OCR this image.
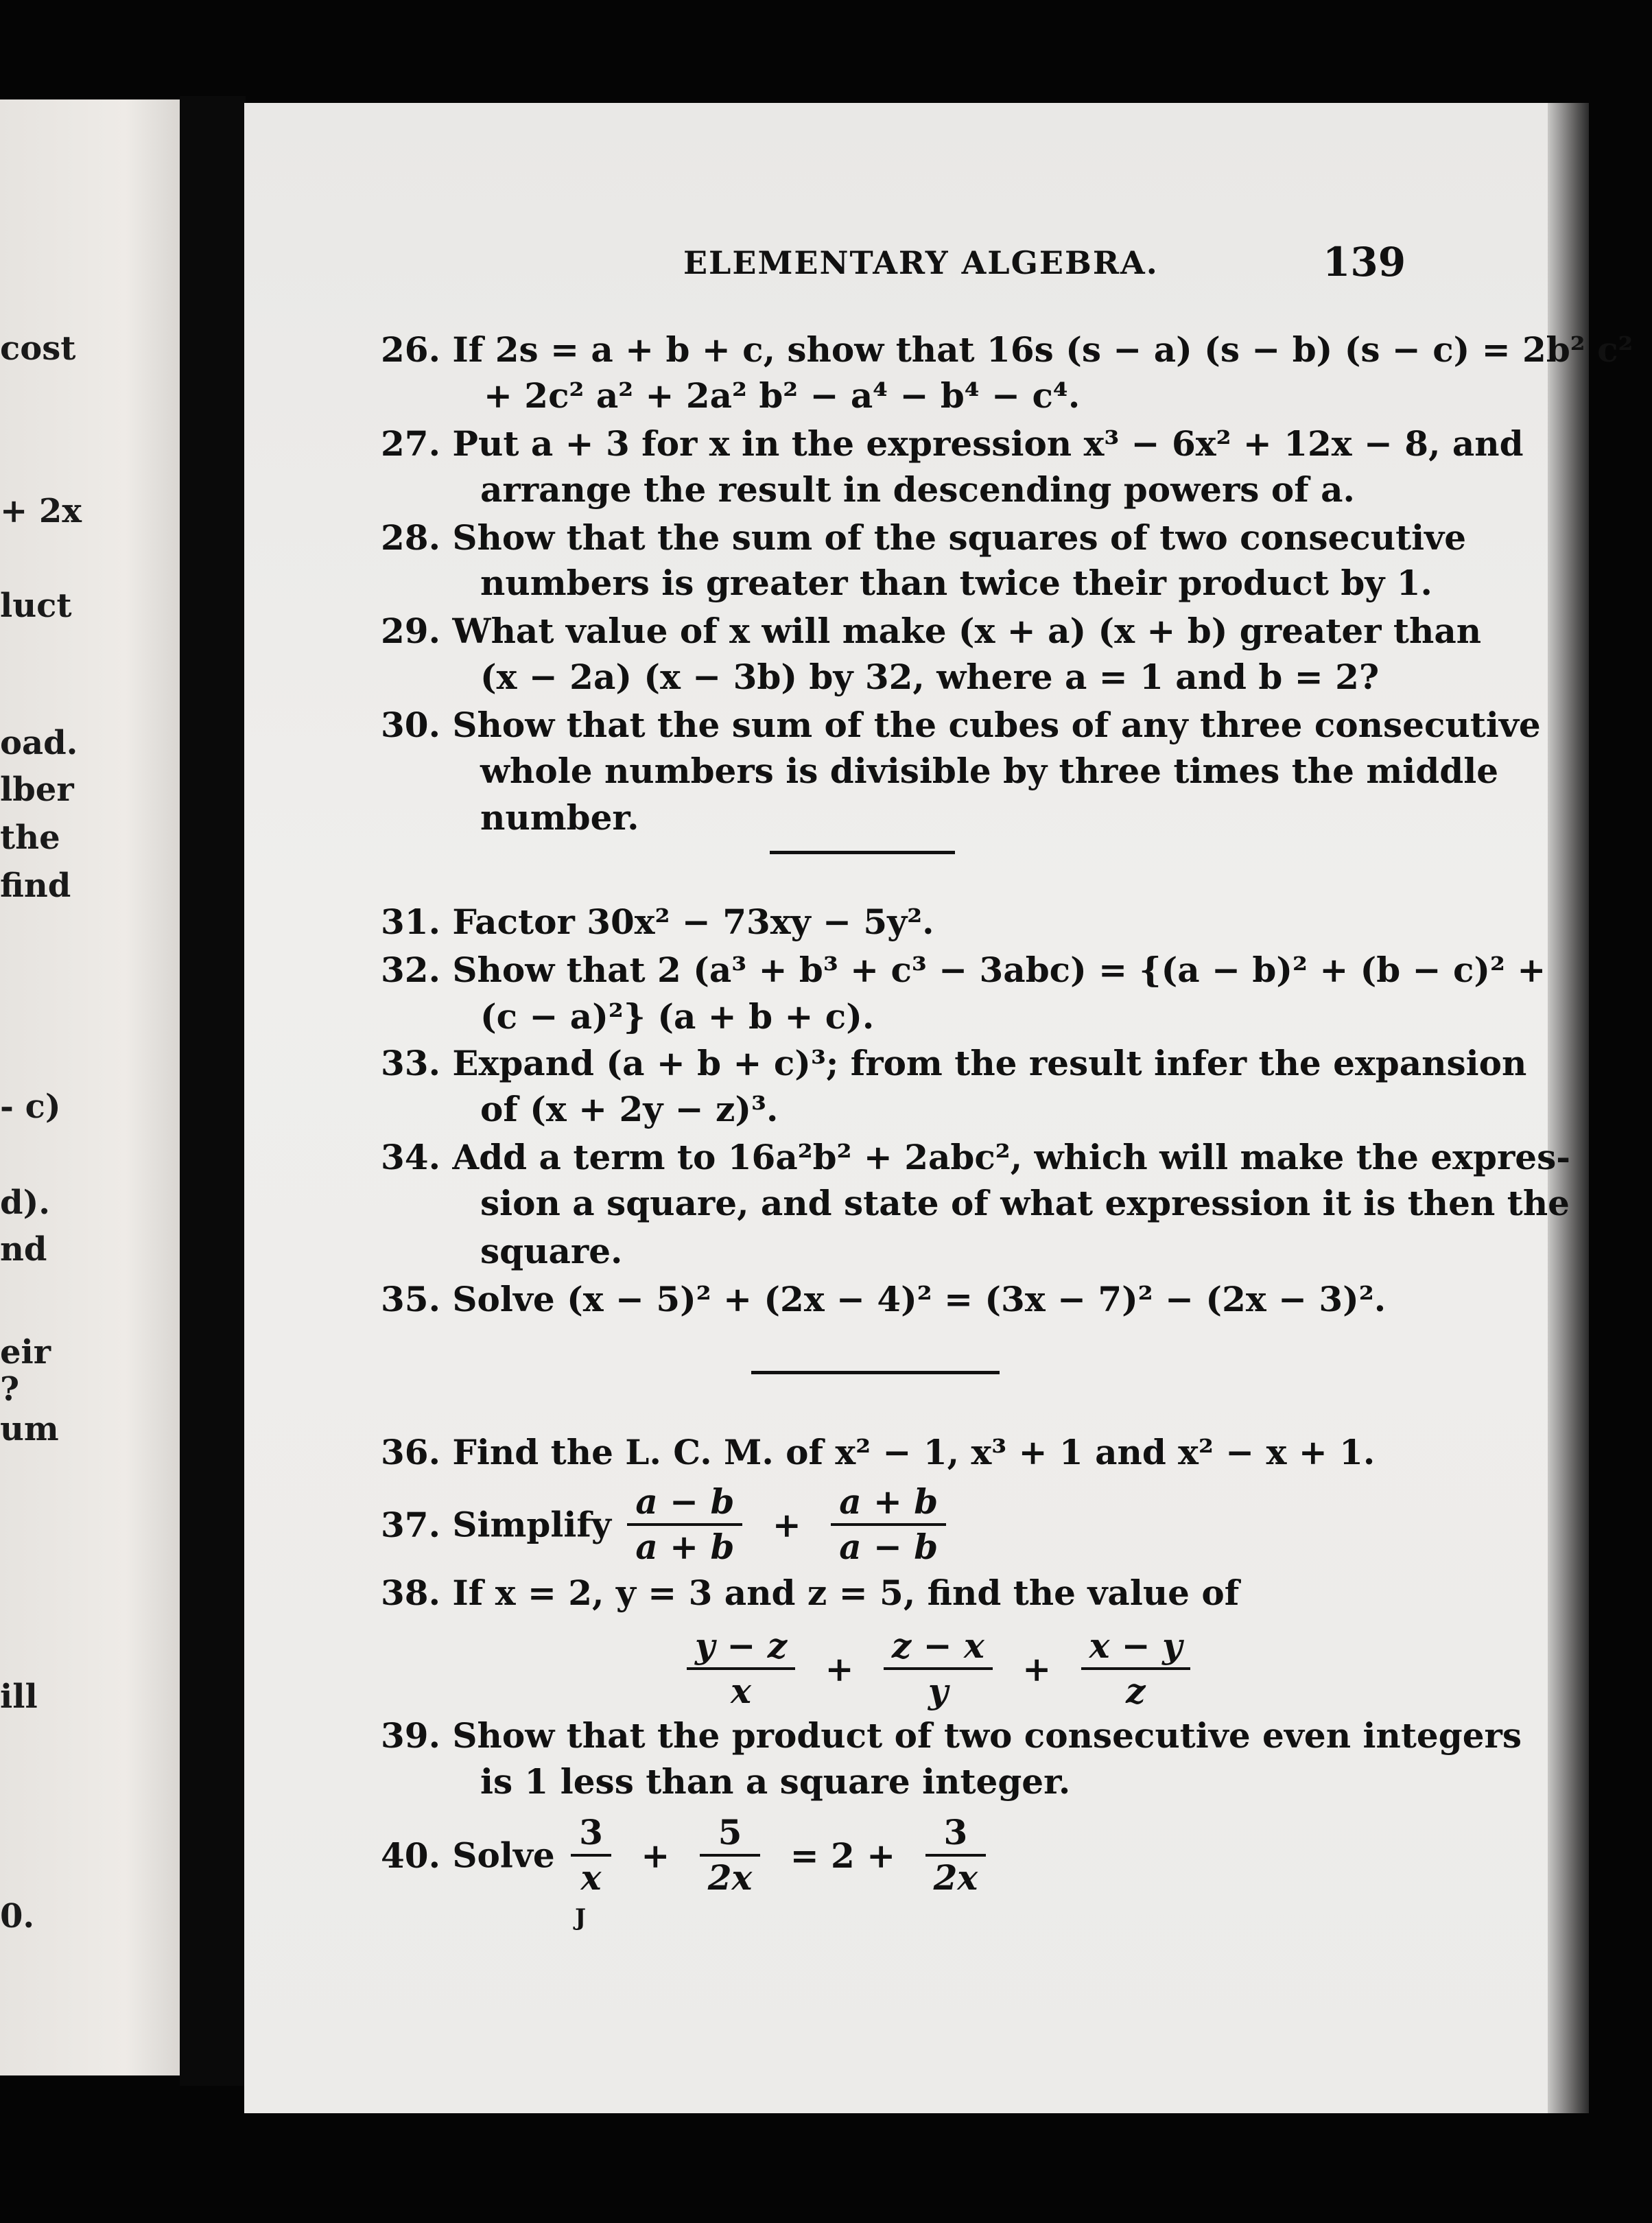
cost
+ 2x
luct
oad.
lber
the
find
- c)
d).
nd
eir
?
um
ill
0.
ELEMENTARY ALGEBRA.	139
26. If 2s = a + b + c, show that 16s (s − a) (s − b) (s − c) = 2b² c²
+ 2c² a² + 2a² b² − a⁴ − b⁴ − c⁴.
27. Put a + 3 for x in the expression x³ − 6x² + 12x − 8, and
arrange the result in descending powers of a.
28. Show that the sum of the squares of two consecutive
numbers is greater than twice their product by 1.
29. What value of x will make (x + a) (x + b) greater than
(x − 2a) (x − 3b) by 32, where a = 1 and b = 2?
30. Show that the sum of the cubes of any three consecutive
whole numbers is divisible by three times the middle
number.
31. Factor 30x² − 73xy − 5y².
32. Show that 2 (a³ + b³ + c³ − 3abc) = {(a − b)² + (b − c)² +
(c − a)²} (a + b + c).
33. Expand (a + b + c)³; from the result infer the expansion
of (x + 2y − z)³.
34. Add a term to 16a²b² + 2abc², which will make the expres-
sion a square, and state of what expression it is then the
square.
35. Solve (x − 5)² + (2x − 4)² = (3x − 7)² − (2x − 3)².
36. Find the L. C. M. of x² − 1, x³ + 1 and x² − x + 1.
37. Simplify $\frac{a - b}{a + b} + \frac{a + b}{a - b}$
38. If x = 2, y = 3 and z = 5, find the value of
$\frac{y - z}{x} + \frac{z - x}{y} + \frac{x - y}{z}$
39. Show that the product of two consecutive even integers
is 1 less than a square integer.
40. Solve $\frac{3}{x} + \frac{5}{2x} = 2 + \frac{3}{2x}$
J
